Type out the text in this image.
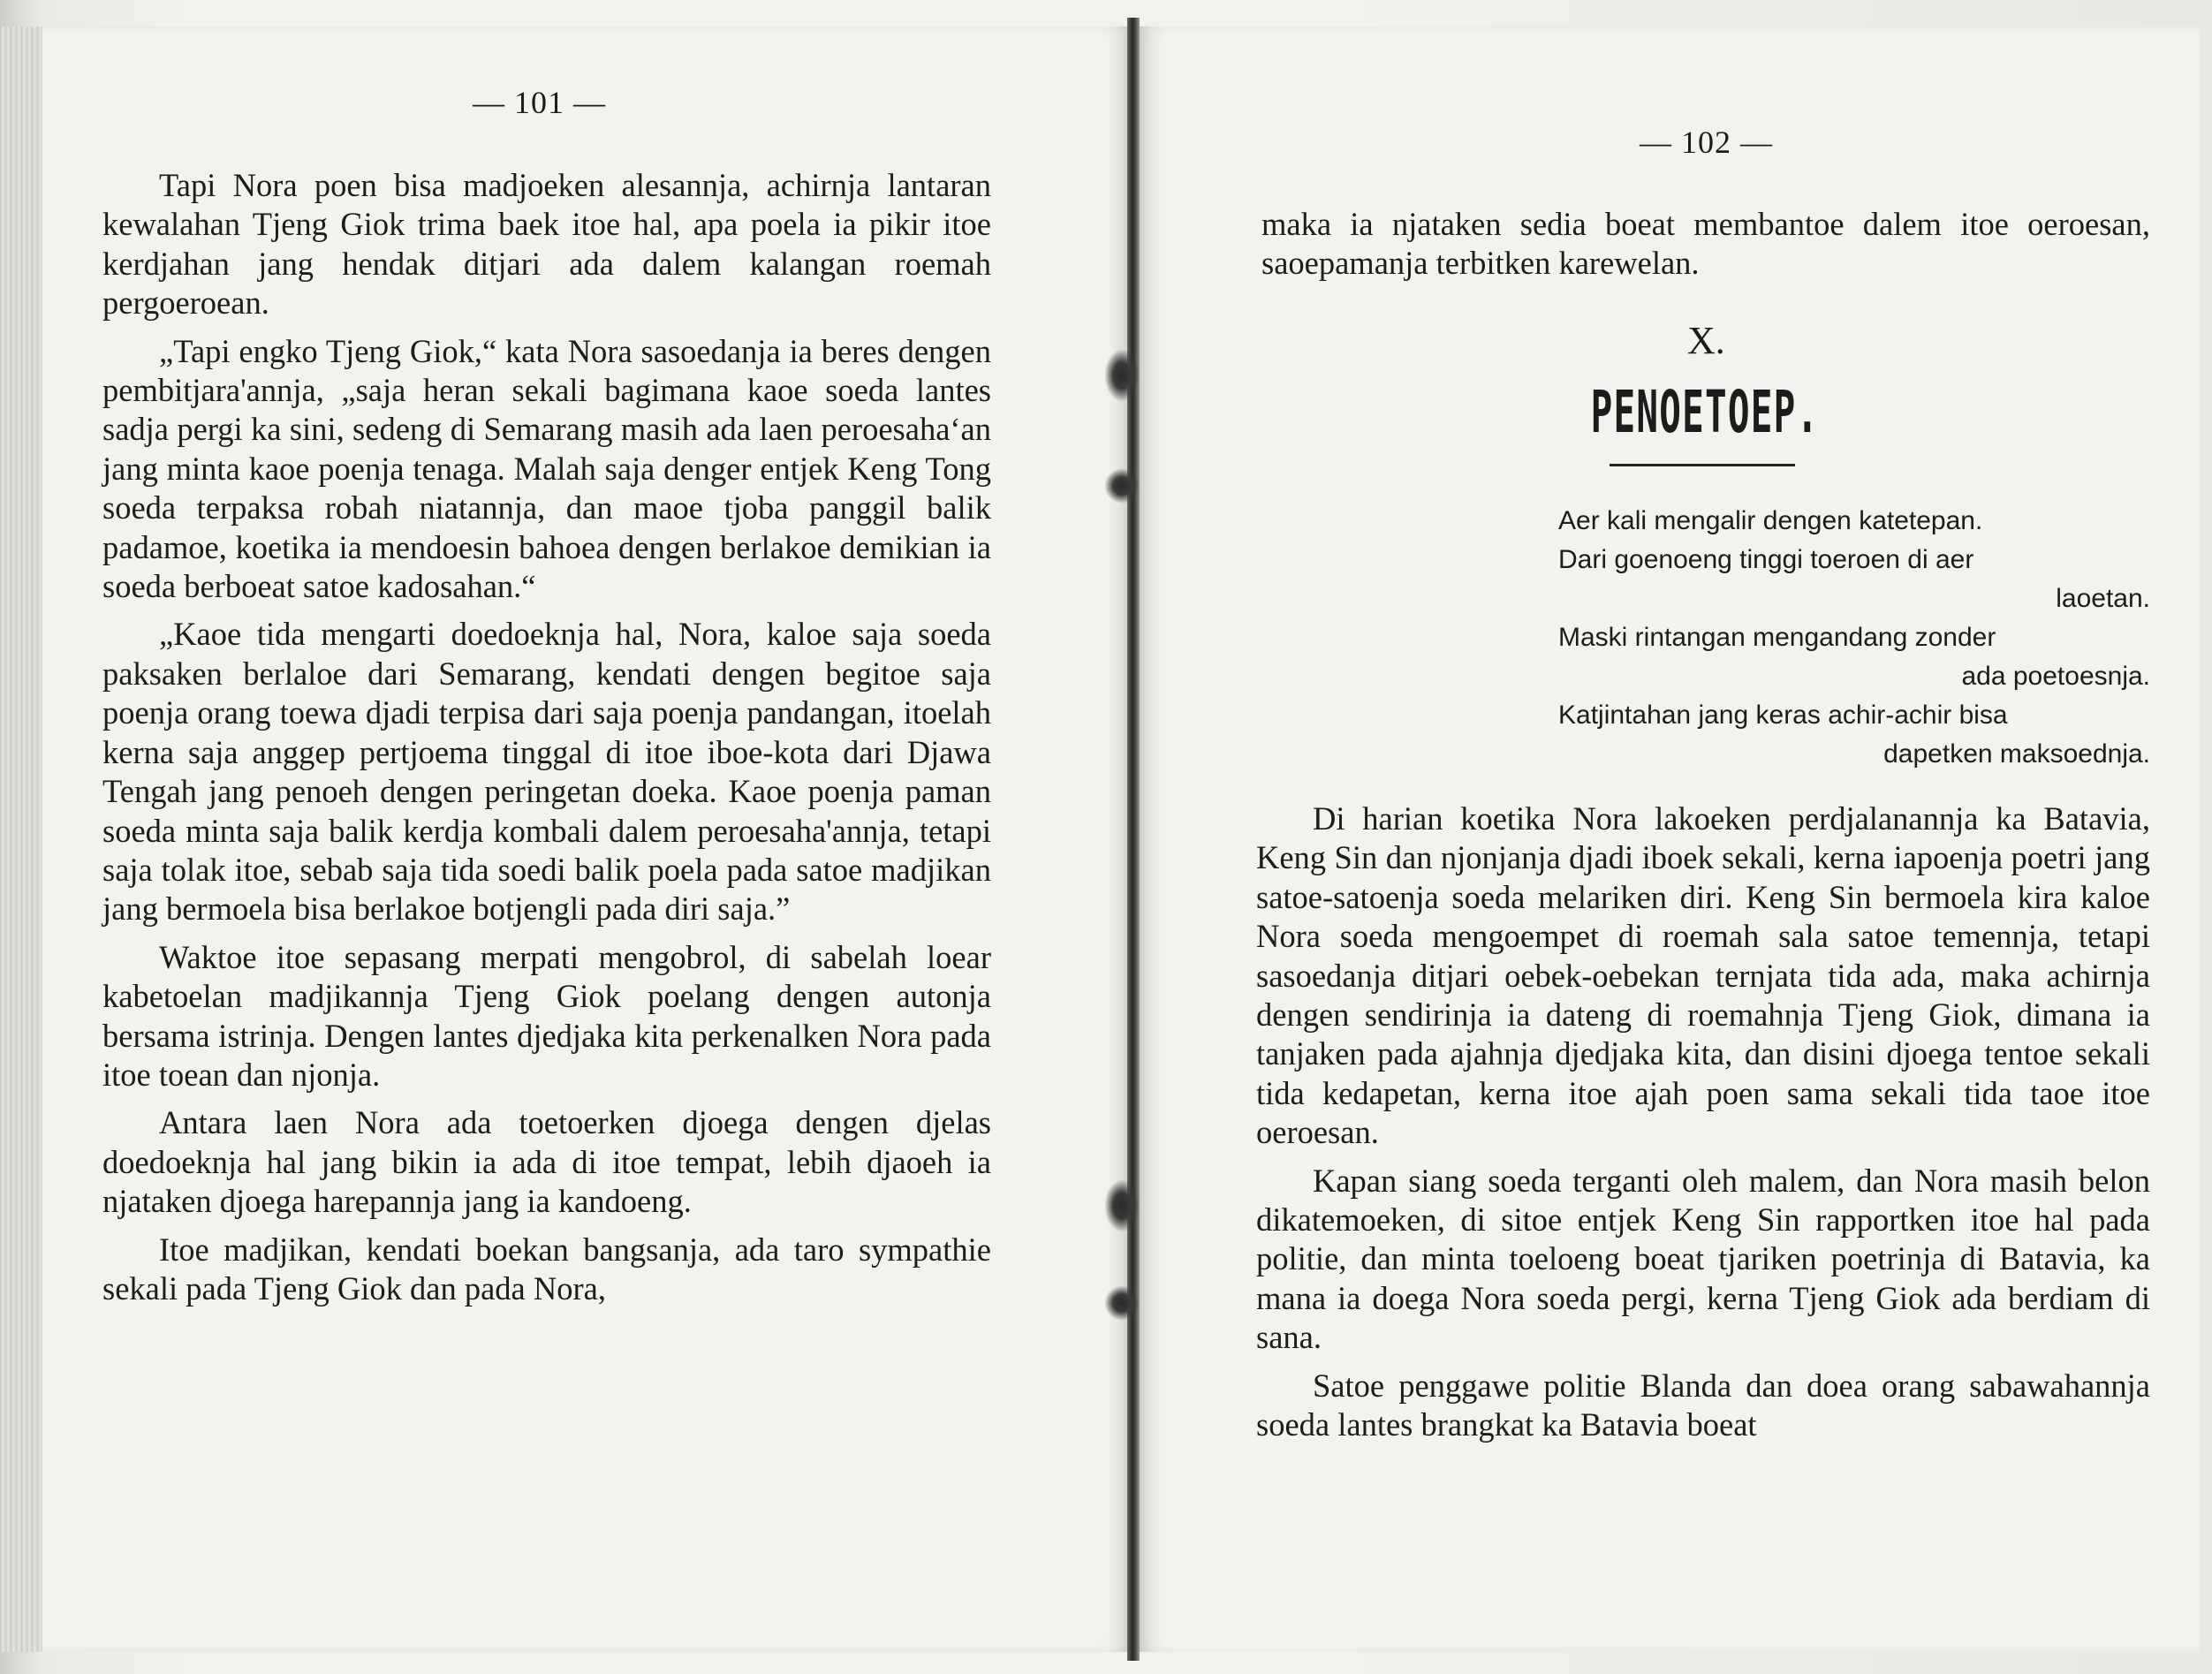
— 101 —

Tapi Nora poen bisa madjoeken alesannja, achirnja lantaran kewalahan Tjeng Giok trima baek itoe hal, apa poela ia pikir itoe kerdjahan jang hendak ditjari ada dalem kalangan roemah pergoeroean.

„Tapi engko Tjeng Giok,“ kata Nora sasoedanja ia beres dengen pembitjara'annja, „saja heran sekali bagimana kaoe soeda lantes sadja pergi ka sini, sedeng di Semarang masih ada laen peroesaha‘an jang minta kaoe poenja tenaga. Malah saja denger entjek Keng Tong soeda terpaksa robah niatannja, dan maoe tjoba panggil balik padamoe, koetika ia mendoesin bahoea dengen berlakoe demikian ia soeda berboeat satoe kadosahan.“

„Kaoe tida mengarti doedoeknja hal, Nora, kaloe saja soeda paksaken berlaloe dari Semarang, kendati dengen begitoe saja poenja orang toewa djadi terpisa dari saja poenja pandangan, itoelah kerna saja anggep pertjoema tinggal di itoe iboe-kota dari Djawa Tengah jang penoeh dengen peringetan doeka. Kaoe poenja paman soeda minta saja balik kerdja kombali dalem peroesaha'annja, tetapi saja tolak itoe, sebab saja tida soedi balik poela pada satoe madjikan jang bermoela bisa berlakoe botjengli pada diri saja.”

Waktoe itoe sepasang merpati mengobrol, di sabelah loear kabetoelan madjikannja Tjeng Giok poelang dengen autonja bersama istrinja. Dengen lantes djedjaka kita perkenalken Nora pada itoe toean dan njonja.

Antara laen Nora ada toetoerken djoega dengen djelas doedoeknja hal jang bikin ia ada di itoe tempat, lebih djaoeh ia njataken djoega harepannja jang ia kandoeng.

Itoe madjikan, kendati boekan bangsanja, ada taro sympathie sekali pada Tjeng Giok dan pada Nora,

— 102 —

maka ia njataken sedia boeat membantoe dalem itoe oeroesan, saoepamanja terbitken karewelan.

X.
PENOETOEP.
Aer kali mengalir dengen katetepan.
Dari goenoeng tinggi toeroen di aer
laoetan.
Maski rintangan mengandang zonder
ada poetoesnja.
Katjintahan jang keras achir-achir bisa
dapetken maksoednja.

Di harian koetika Nora lakoeken perdjalanannja ka Batavia, Keng Sin dan njonjanja djadi iboek sekali, kerna iapoenja poetri jang satoe-satoenja soeda melariken diri. Keng Sin bermoela kira kaloe Nora soeda mengoempet di roemah sala satoe temennja, tetapi sasoedanja ditjari oebek-oebekan ternjata tida ada, maka achirnja dengen sendirinja ia dateng di roemahnja Tjeng Giok, dimana ia tanjaken pada ajahnja djedjaka kita, dan disini djoega tentoe sekali tida kedapetan, kerna itoe ajah poen sama sekali tida taoe itoe oeroesan.

Kapan siang soeda terganti oleh malem, dan Nora masih belon dikatemoeken, di sitoe entjek Keng Sin rapportken itoe hal pada politie, dan minta toeloeng boeat tjariken poetrinja di Batavia, ka mana ia doega Nora soeda pergi, kerna Tjeng Giok ada berdiam di sana.

Satoe penggawe politie Blanda dan doea orang sabawahannja soeda lantes brangkat ka Batavia boeat
